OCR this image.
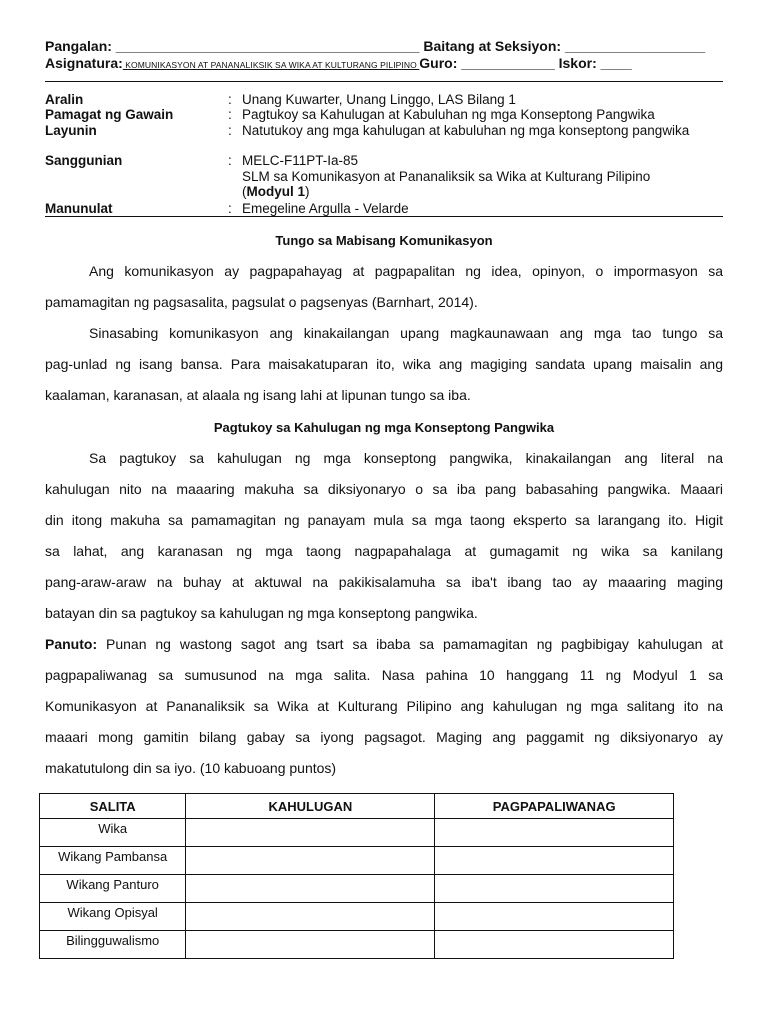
Pangalan: _______________________________________ Baitang at Seksiyon: __________________
Asignatura: KOMUNIKASYON AT PANANALIKSIK SA WIKA AT KULTURANG PILIPINO Guro: ____________ Iskor: ____
Aralin	: Unang Kuwarter, Unang Linggo, LAS Bilang 1
Pamagat ng Gawain	: Pagtukoy sa Kahulugan at Kabuluhan ng mga Konseptong Pangwika
Layunin	: Natutukoy ang mga kahulugan at kabuluhan ng mga konseptong pangwika
Sanggunian	: MELC-F11PT-Ia-85
SLM sa Komunikasyon at Pananaliksik sa Wika at Kulturang Pilipino
(Modyul 1)
Manunulat	: Emegeline Argulla - Velarde
Tungo sa Mabisang Komunikasyon
Ang komunikasyon ay pagpapahayag at pagpapalitan ng idea, opinyon, o impormasyon sa
pamamagitan ng pagsasalita, pagsulat o pagsenyas (Barnhart, 2014).
Sinasabing komunikasyon ang kinakailangan upang magkaunawaan ang mga tao tungo sa
pag-unlad ng isang bansa. Para maisakatuparan ito, wika ang magiging sandata upang maisalin ang
kaalaman, karanasan, at alaala ng isang lahi at lipunan tungo sa iba.
Pagtukoy sa Kahulugan ng mga Konseptong Pangwika
Sa pagtukoy sa kahulugan ng mga konseptong pangwika, kinakailangan ang literal na
kahulugan nito na maaaring makuha sa diksiyonaryo o sa iba pang babasahing pangwika. Maaari
din itong makuha sa pamamagitan ng panayam mula sa mga taong eksperto sa larangang ito. Higit
sa lahat, ang karanasan ng mga taong nagpapahalaga at gumagamit ng wika sa kanilang
pang-araw-araw na buhay at aktuwal na pakikisalamuha sa iba't ibang tao ay maaaring maging
batayan din sa pagtukoy sa kahulugan ng mga konseptong pangwika.
Panuto: Punan ng wastong sagot ang tsart sa ibaba sa pamamagitan ng pagbibigay kahulugan at
pagpapaliwanag sa sumusunod na mga salita. Nasa pahina 10 hanggang 11 ng Modyul 1 sa
Komunikasyon at Pananaliksik sa Wika at Kulturang Pilipino ang kahulugan ng mga salitang ito na
maaari mong gamitin bilang gabay sa iyong pagsagot. Maging ang paggamit ng diksiyonaryo ay
makatutulong din sa iyo. (10 kabuoang puntos)
SALITA	KAHULUGAN	PAGPAPALIWANAG
Wika		
Wikang Pambansa		
Wikang Panturo		
Wikang Opisyal		
Bilingguwalismo		
